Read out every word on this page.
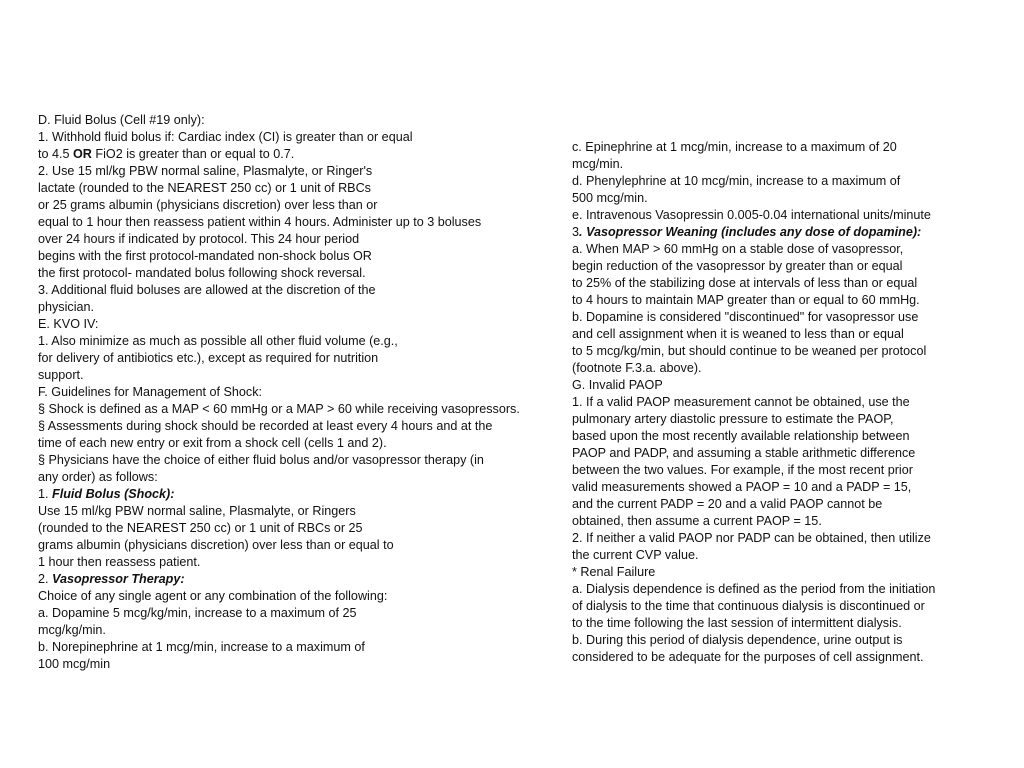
D. Fluid Bolus (Cell #19 only):
1. Withhold fluid bolus if: Cardiac index (CI) is greater than or equal
to 4.5 OR FiO2 is greater than or equal to 0.7.
2. Use 15 ml/kg PBW normal saline, Plasmalyte, or Ringer's
lactate (rounded to the NEAREST 250 cc) or 1 unit of RBCs
or 25 grams albumin (physicians discretion) over less than or
equal to 1 hour then reassess patient within 4 hours. Administer up to 3 boluses
over 24 hours if indicated by protocol. This 24 hour period
begins with the first protocol-mandated non-shock bolus OR
the first protocol- mandated bolus following shock reversal.
3. Additional fluid boluses are allowed at the discretion of the
physician.
E. KVO IV:
1. Also minimize as much as possible all other fluid volume (e.g.,
for delivery of antibiotics etc.), except as required for nutrition
support.
F. Guidelines for Management of Shock:
§ Shock is defined as a MAP < 60 mmHg or a MAP > 60 while receiving vasopressors.
§ Assessments during shock should be recorded at least every 4 hours and at the
time of each new entry or exit from a shock cell (cells 1 and 2).
§ Physicians have the choice of either fluid bolus and/or vasopressor therapy (in
any order) as follows:
1. Fluid Bolus (Shock):
Use 15 ml/kg PBW normal saline, Plasmalyte, or Ringers
(rounded to the NEAREST 250 cc) or 1 unit of RBCs or 25
grams albumin (physicians discretion) over less than or equal to
1 hour then reassess patient.
2. Vasopressor Therapy:
Choice of any single agent or any combination of the following:
a. Dopamine 5 mcg/kg/min, increase to a maximum of 25
mcg/kg/min.
b. Norepinephrine at 1 mcg/min, increase to a maximum of
100 mcg/min
c. Epinephrine at 1 mcg/min, increase to a maximum of 20
mcg/min.
d. Phenylephrine at 10 mcg/min, increase to a maximum of
500 mcg/min.
e. Intravenous Vasopressin 0.005-0.04 international units/minute
3. Vasopressor Weaning (includes any dose of dopamine):
a. When MAP > 60 mmHg on a stable dose of vasopressor,
begin reduction of the vasopressor by greater than or equal
to 25% of the stabilizing dose at intervals of less than or equal
to 4 hours to maintain MAP greater than or equal to 60 mmHg.
b. Dopamine is considered "discontinued" for vasopressor use
and cell assignment when it is weaned to less than or equal
to 5 mcg/kg/min, but should continue to be weaned per protocol
(footnote F.3.a. above).
G. Invalid PAOP
1. If a valid PAOP measurement cannot be obtained, use the
pulmonary artery diastolic pressure to estimate the PAOP,
based upon the most recently available relationship between
PAOP and PADP, and assuming a stable arithmetic difference
between the two values. For example, if the most recent prior
valid measurements showed a PAOP = 10 and a PADP = 15,
and the current PADP = 20 and a valid PAOP cannot be
obtained, then assume a current PAOP = 15.
2. If neither a valid PAOP nor PADP can be obtained, then utilize
the current CVP value.
* Renal Failure
a. Dialysis dependence is defined as the period from the initiation
of dialysis to the time that continuous dialysis is discontinued or
to the time following the last session of intermittent dialysis.
b. During this period of dialysis dependence, urine output is
considered to be adequate for the purposes of cell assignment.
